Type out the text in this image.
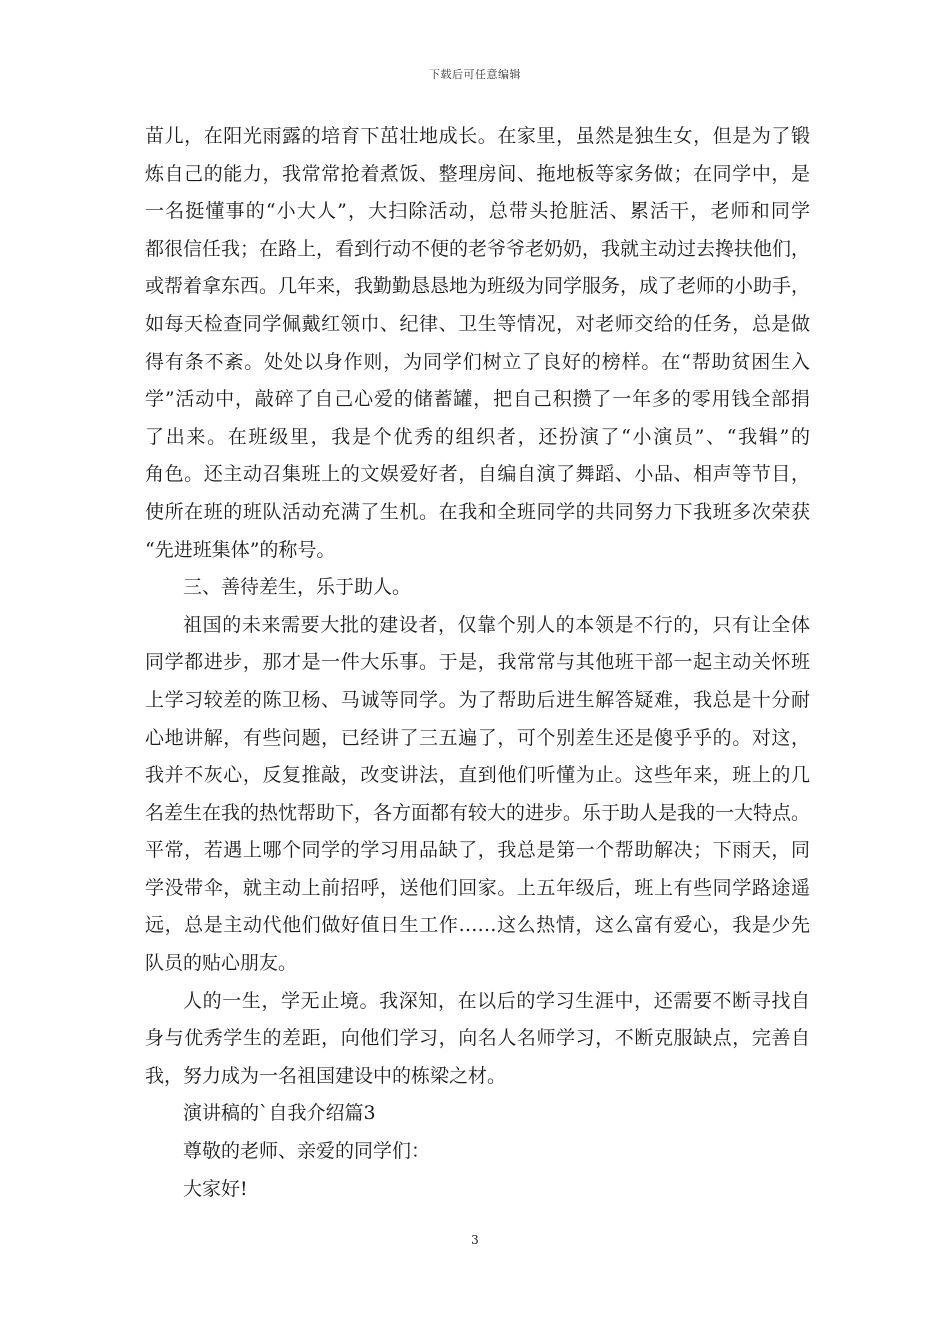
下载后可任意编辑
苗儿，在阳光雨露的培育下茁壮地成长。在家里，虽然是独生女，但是为了锻
炼自己的能力，我常常抢着煮饭、整理房间、拖地板等家务做；在同学中，是
一名挺懂事的“小大人”，大扫除活动，总带头抢脏活、累活干，老师和同学
都很信任我；在路上，看到行动不便的老爷爷老奶奶，我就主动过去搀扶他们，
或帮着拿东西。几年来，我勤勤恳恳地为班级为同学服务，成了老师的小助手，
如每天检查同学佩戴红领巾、纪律、卫生等情况，对老师交给的任务，总是做
得有条不紊。处处以身作则，为同学们树立了良好的榜样。在“帮助贫困生入
学”活动中，敲碎了自己心爱的储蓄罐，把自己积攒了一年多的零用钱全部捐
了出来。在班级里，我是个优秀的组织者，还扮演了“小演员”、“我辑”的
角色。还主动召集班上的文娱爱好者，自编自演了舞蹈、小品、相声等节目，
使所在班的班队活动充满了生机。在我和全班同学的共同努力下我班多次荣获
“先进班集体”的称号。
三、善待差生，乐于助人。
祖国的未来需要大批的建设者，仅靠个别人的本领是不行的，只有让全体
同学都进步，那才是一件大乐事。于是，我常常与其他班干部一起主动关怀班
上学习较差的陈卫杨、马诚等同学。为了帮助后进生解答疑难，我总是十分耐
心地讲解，有些问题，已经讲了三五遍了，可个别差生还是傻乎乎的。对这，
我并不灰心，反复推敲，改变讲法，直到他们听懂为止。这些年来，班上的几
名差生在我的热忱帮助下，各方面都有较大的进步。乐于助人是我的一大特点。
平常，若遇上哪个同学的学习用品缺了，我总是第一个帮助解决；下雨天，同
学没带伞，就主动上前招呼，送他们回家。上五年级后，班上有些同学路途遥
远，总是主动代他们做好值日生工作……这么热情，这么富有爱心，我是少先
队员的贴心朋友。
人的一生，学无止境。我深知，在以后的学习生涯中，还需要不断寻找自
身与优秀学生的差距，向他们学习，向名人名师学习，不断克服缺点，完善自
我，努力成为一名祖国建设中的栋梁之材。
演讲稿的`自我介绍篇3
尊敬的老师、亲爱的同学们：
大家好!
3
